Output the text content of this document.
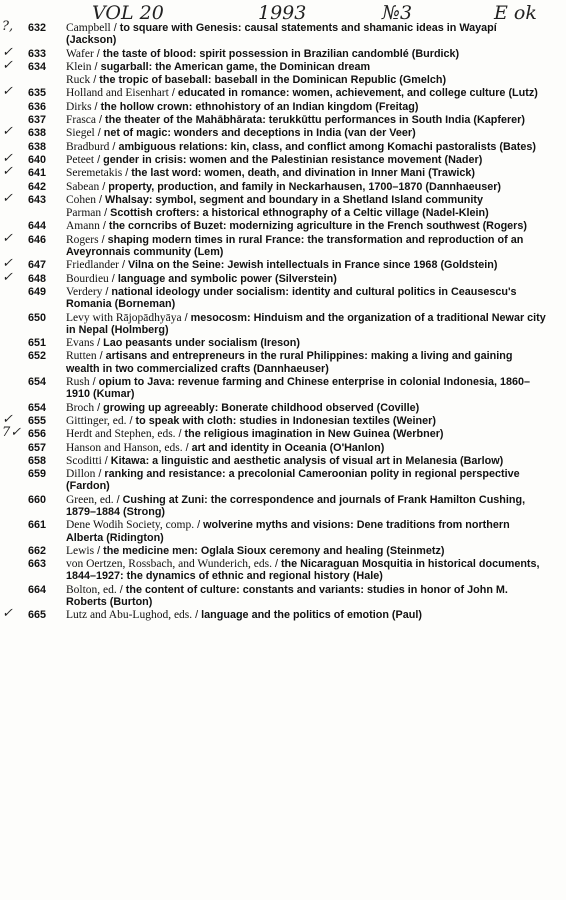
VOL 20	1993	№3	E ok
?,	632 Campbell / to square with Genesis: causal statements and shamanic ideas in Wayapí (Jackson)
✓	633 Wafer / the taste of blood: spirit possession in Brazilian candomblé (Burdick)
✓	634 Klein / sugarball: the American game, the Dominican dream
Ruck / the tropic of baseball: baseball in the Dominican Republic (Gmelch)
✓	635 Holland and Eisenhart / educated in romance: women, achievement, and college culture (Lutz)
636 Dirks / the hollow crown: ethnohistory of an Indian kingdom (Freitag)
637 Frasca / the theater of the Mahābhārata: terukkūttu performances in South India (Kapferer)
✓	638 Siegel / net of magic: wonders and deceptions in India (van der Veer)
638 Bradburd / ambiguous relations: kin, class, and conflict among Komachi pastoralists (Bates)
✓	640 Peteet / gender in crisis: women and the Palestinian resistance movement (Nader)
✓	641 Seremetakis / the last word: women, death, and divination in Inner Mani (Trawick)
642 Sabean / property, production, and family in Neckarhausen, 1700–1870 (Dannhaeuser)
✓	643 Cohen / Whalsay: symbol, segment and boundary in a Shetland Island community
Parman / Scottish crofters: a historical ethnography of a Celtic village (Nadel-Klein)
644 Amann / the corncribs of Buzet: modernizing agriculture in the French southwest (Rogers)
✓	646 Rogers / shaping modern times in rural France: the transformation and reproduction of an Aveyronnais community (Lem)
✓	647 Friedlander / Vilna on the Seine: Jewish intellectuals in France since 1968 (Goldstein)
✓	648 Bourdieu / language and symbolic power (Silverstein)
649 Verdery / national ideology under socialism: identity and cultural politics in Ceausescu's Romania (Borneman)
650 Levy with Rājopādhyāya / mesocosm: Hinduism and the organization of a traditional Newar city in Nepal (Holmberg)
651 Evans / Lao peasants under socialism (Ireson)
652 Rutten / artisans and entrepreneurs in the rural Philippines: making a living and gaining wealth in two commercialized crafts (Dannhaeuser)
654 Rush / opium to Java: revenue farming and Chinese enterprise in colonial Indonesia, 1860–1910 (Kumar)
654 Broch / growing up agreeably: Bonerate childhood observed (Coville)
✓	655 Gittinger, ed. / to speak with cloth: studies in Indonesian textiles (Weiner)
7✓ 656 Herdt and Stephen, eds. / the religious imagination in New Guinea (Werbner)
657 Hanson and Hanson, eds. / art and identity in Oceania (O'Hanlon)
658 Scoditti / Kitawa: a linguistic and aesthetic analysis of visual art in Melanesia (Barlow)
659 Dillon / ranking and resistance: a precolonial Cameroonian polity in regional perspective (Fardon)
660 Green, ed. / Cushing at Zuni: the correspondence and journals of Frank Hamilton Cushing, 1879–1884 (Strong)
661 Dene Wodih Society, comp. / wolverine myths and visions: Dene traditions from northern Alberta (Ridington)
662 Lewis / the medicine men: Oglala Sioux ceremony and healing (Steinmetz)
663 von Oertzen, Rossbach, and Wunderich, eds. / the Nicaraguan Mosquitia in historical documents, 1844–1927: the dynamics of ethnic and regional history (Hale)
664 Bolton, ed. / the content of culture: constants and variants: studies in honor of John M. Roberts (Burton)
✓	665 Lutz and Abu-Lughod, eds. / language and the politics of emotion (Paul)
